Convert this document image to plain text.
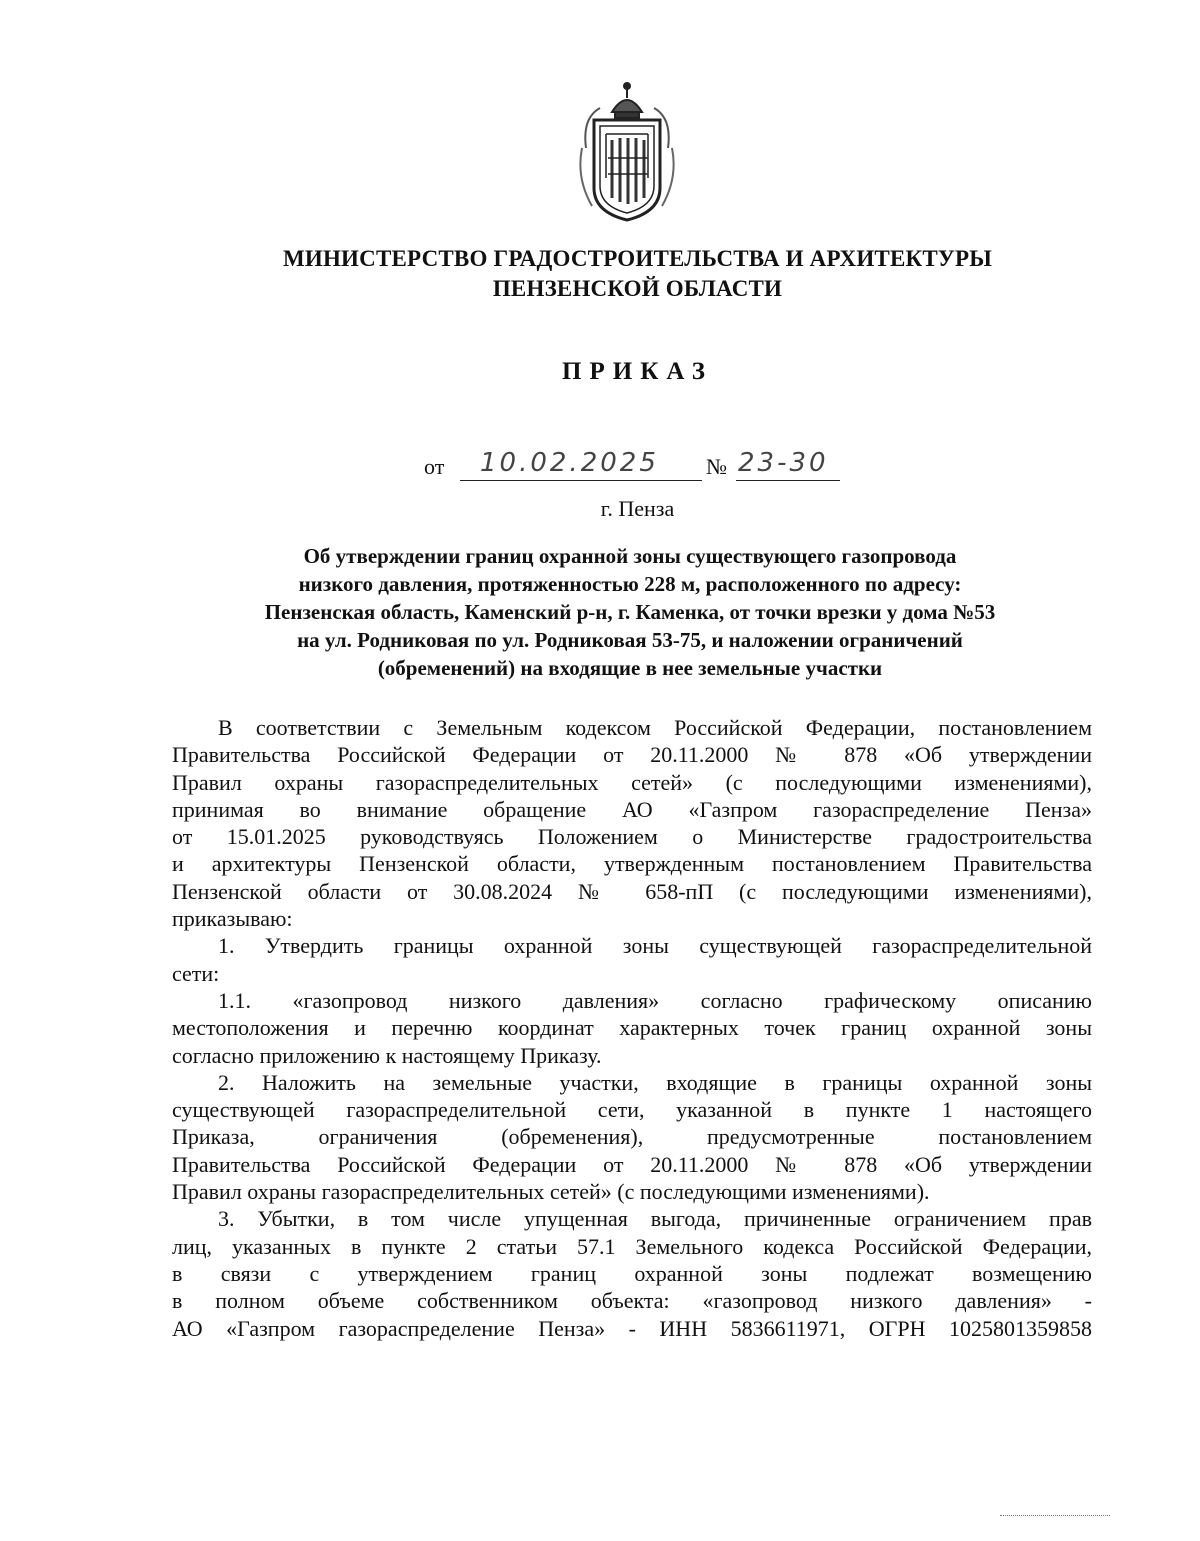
МИНИСТЕРСТВО ГРАДОСТРОИТЕЛЬСТВА И АРХИТЕКТУРЫ
ПЕНЗЕНСКОЙ ОБЛАСТИ
ПРИКАЗ
от 10.02.2025 № 23-30
г. Пенза
Об утверждении границ охранной зоны существующего газопровода
низкого давления, протяженностью 228 м, расположенного по адресу:
Пензенская область, Каменский р-н, г. Каменка, от точки врезки у дома №53
на ул. Родниковая по ул. Родниковая 53-75, и наложении ограничений
(обременений) на входящие в нее земельные участки
В соответствии с Земельным кодексом Российской Федерации, постановлением
Правительства Российской Федерации от 20.11.2000 № 878 «Об утверждении
Правил охраны газораспределительных сетей» (с последующими изменениями),
принимая во внимание обращение АО «Газпром газораспределение Пенза»
от 15.01.2025 руководствуясь Положением о Министерстве градостроительства
и архитектуры Пензенской области, утвержденным постановлением Правительства
Пензенской области от 30.08.2024 № 658-пП (с последующими изменениями),
приказываю:
1. Утвердить границы охранной зоны существующей газораспределительной
сети:
1.1. «газопровод низкого давления» согласно графическому описанию
местоположения и перечню координат характерных точек границ охранной зоны
согласно приложению к настоящему Приказу.
2. Наложить на земельные участки, входящие в границы охранной зоны
существующей газораспределительной сети, указанной в пункте 1 настоящего
Приказа, ограничения (обременения), предусмотренные постановлением
Правительства Российской Федерации от 20.11.2000 № 878 «Об утверждении
Правил охраны газораспределительных сетей» (с последующими изменениями).
3. Убытки, в том числе упущенная выгода, причиненные ограничением прав
лиц, указанных в пункте 2 статьи 57.1 Земельного кодекса Российской Федерации,
в связи с утверждением границ охранной зоны подлежат возмещению
в полном объеме собственником объекта: «газопровод низкого давления» -
АО «Газпром газораспределение Пенза» - ИНН 5836611971, ОГРН 1025801359858
